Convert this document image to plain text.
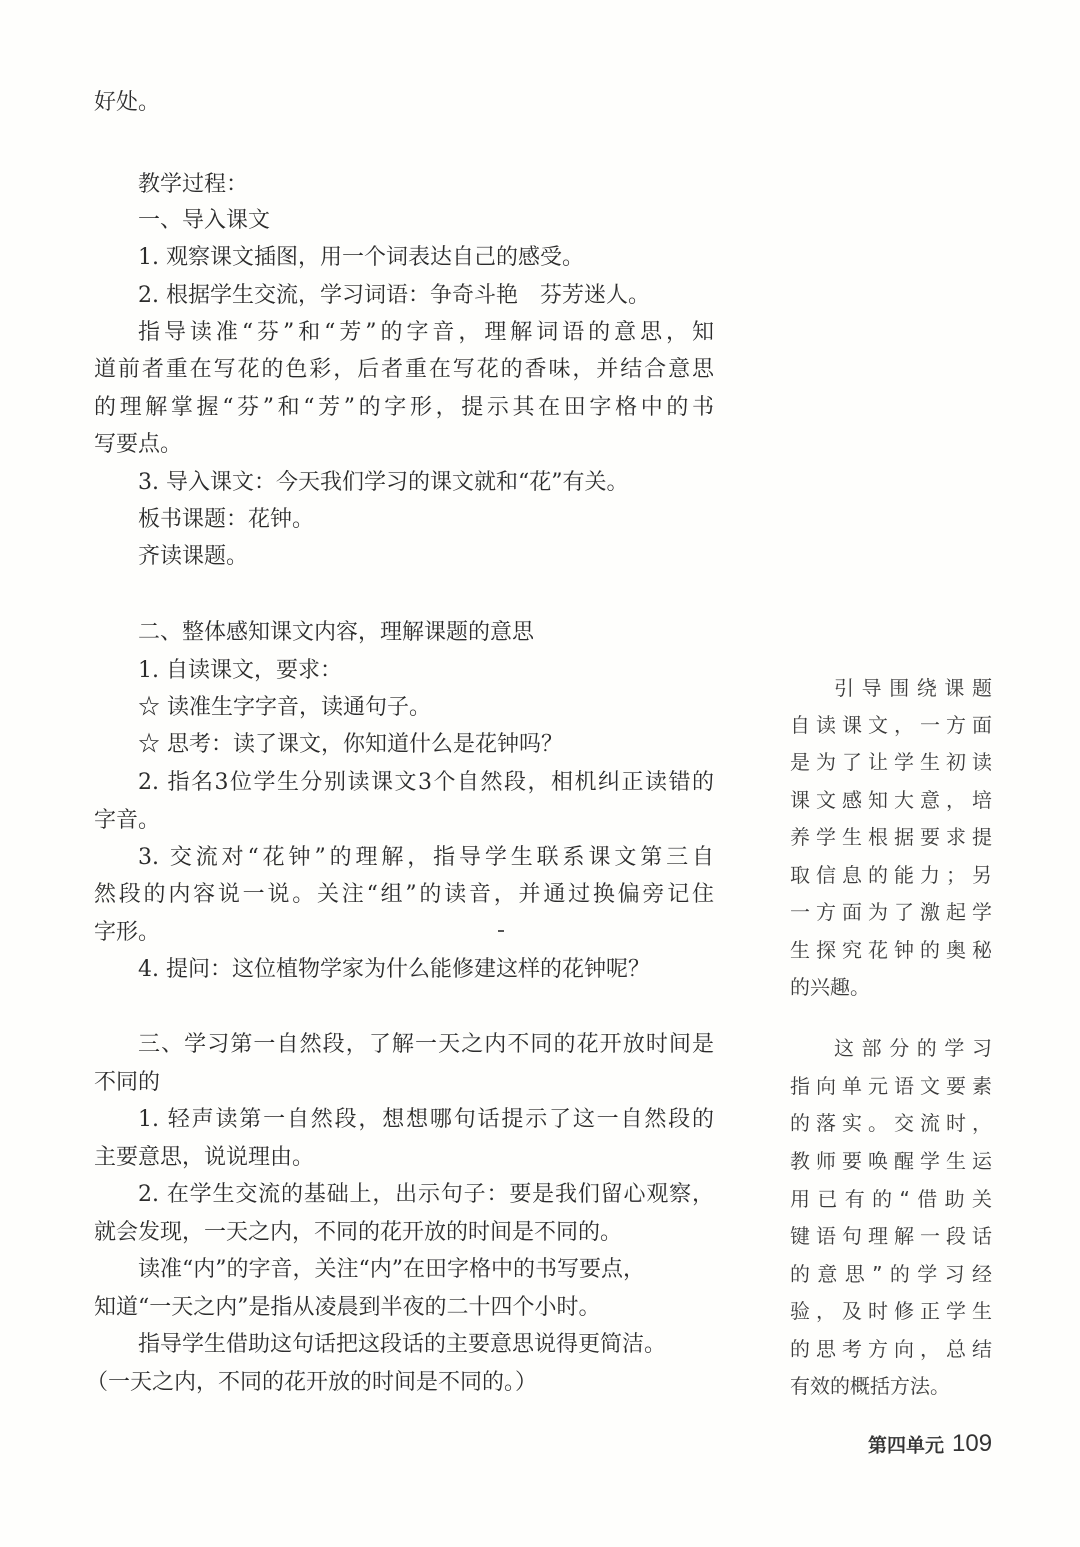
好处。

教学过程：

一、导入课文

1. 观察课文插图，用一个词表达自己的感受。

2. 根据学生交流，学习词语：争奇斗艳　芬芳迷人。

指导读准“芬”和“芳”的字音，理解词语的意思，知

道前者重在写花的色彩，后者重在写花的香味，并结合意思

的理解掌握“芬”和“芳”的字形，提示其在田字格中的书

写要点。

3. 导入课文：今天我们学习的课文就和“花”有关。

板书课题：花钟。

齐读课题。

二、整体感知课文内容，理解课题的意思

1. 自读课文，要求：

☆ 读准生字字音，读通句子。

☆ 思考：读了课文，你知道什么是花钟吗？

2. 指名3位学生分别读课文3个自然段，相机纠正读错的

字音。

3. 交流对“花钟”的理解，指导学生联系课文第三自

然段的内容说一说。关注“组”的读音，并通过换偏旁记住

字形。

4. 提问：这位植物学家为什么能修建这样的花钟呢？

三、学习第一自然段，了解一天之内不同的花开放时间是

不同的

1. 轻声读第一自然段，想想哪句话提示了这一自然段的

主要意思，说说理由。

2. 在学生交流的基础上，出示句子：要是我们留心观察，

就会发现，一天之内，不同的花开放的时间是不同的。

读准“内”的字音，关注“内”在田字格中的书写要点，

知道“一天之内”是指从凌晨到半夜的二十四个小时。

指导学生借助这句话把这段话的主要意思说得更简洁。

（一天之内，不同的花开放的时间是不同的。）

引导围绕课题

自读课文，一方面

是为了让学生初读

课文感知大意，培

养学生根据要求提

取信息的能力；另

一方面为了激起学

生探究花钟的奥秘

的兴趣。

这部分的学习

指向单元语文要素

的落实。交流时，

教师要唤醒学生运

用已有的“借助关

键语句理解一段话

的意思”的学习经

验，及时修正学生

的思考方向，总结

有效的概括方法。

第四单元 109
